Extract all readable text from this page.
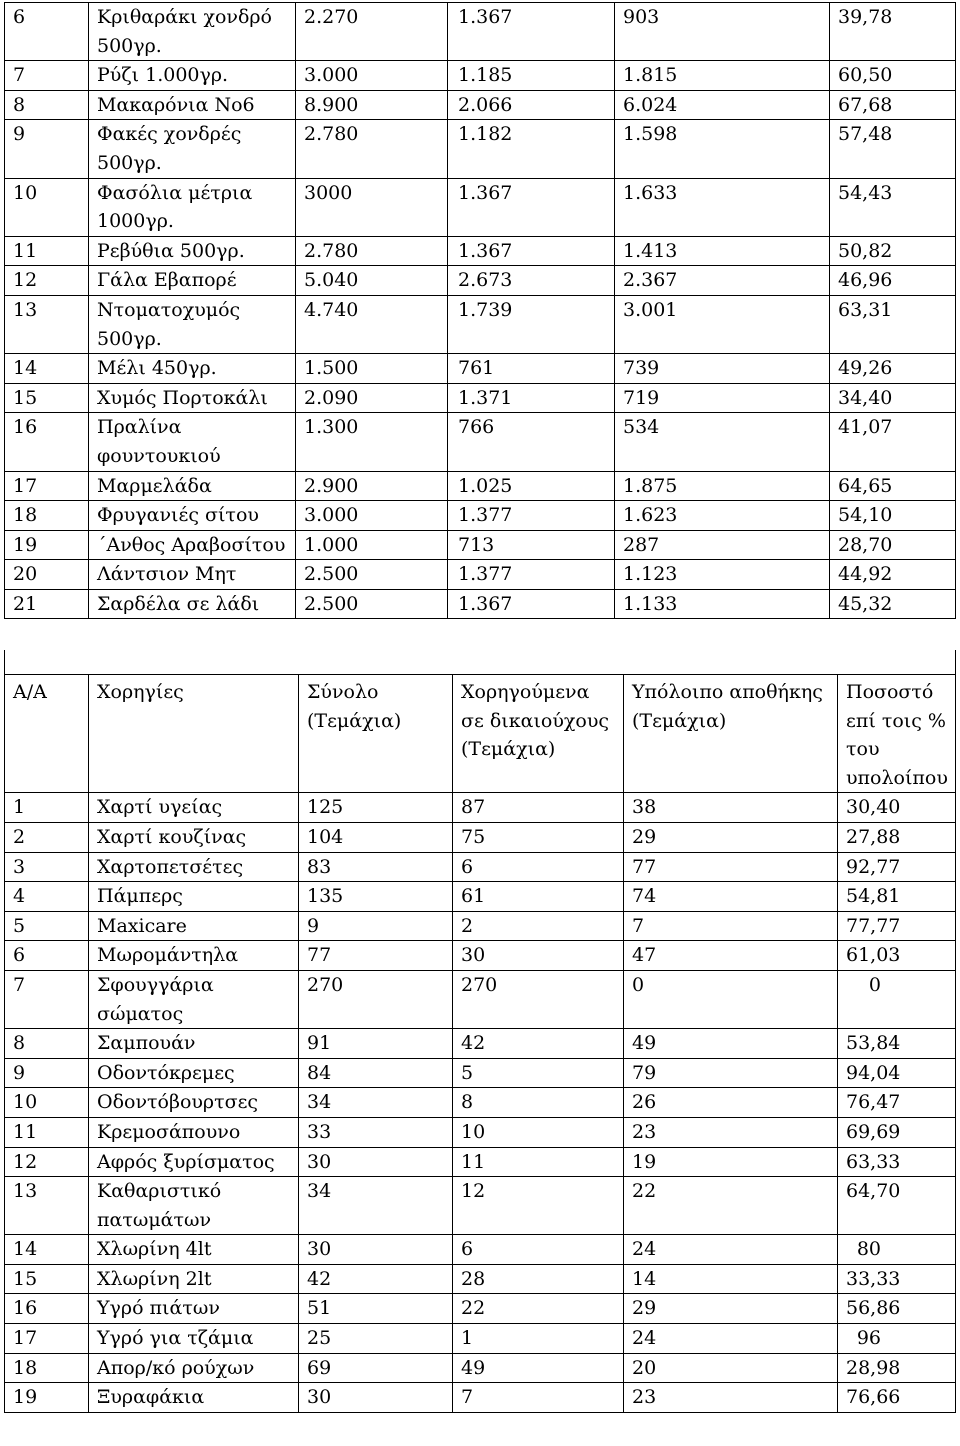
6	Κριθαράκι χονδρό 500γρ.	2.270	1.367	903	39,78
7	Ρύζι 1.000γρ.	3.000	1.185	1.815	60,50
8	Μακαρόνια Νο6	8.900	2.066	6.024	67,68
9	Φακές χονδρές 500γρ.	2.780	1.182	1.598	57,48
10	Φασόλια μέτρια 1000γρ.	3000	1.367	1.633	54,43
11	Ρεβύθια 500γρ.	2.780	1.367	1.413	50,82
12	Γάλα Εβαπορέ	5.040	2.673	2.367	46,96
13	Ντοματοχυμός 500γρ.	4.740	1.739	3.001	63,31
14	Μέλι 450γρ.	1.500	761	739	49,26
15	Χυμός Πορτοκάλι	2.090	1.371	719	34,40
16	Πραλίνα φουντουκιού	1.300	766	534	41,07
17	Μαρμελάδα	2.900	1.025	1.875	64,65
18	Φρυγανιές σίτου	3.000	1.377	1.623	54,10
19	΄Ανθος Αραβοσίτου	1.000	713	287	28,70
20	Λάντσιον Μητ	2.500	1.377	1.123	44,92
21	Σαρδέλα σε λάδι	2.500	1.367	1.133	45,32
Α/Α	Χορηγίες	Σύνολο (Τεμάχια)	Χορηγούμενα σε δικαιούχους (Τεμάχια)	Υπόλοιπο αποθήκης (Τεμάχια)	Ποσοστό επί τοις % του υπολοίπου
1	Χαρτί υγείας	125	87	38	30,40
2	Χαρτί κουζίνας	104	75	29	27,88
3	Χαρτοπετσέτες	83	6	77	92,77
4	Πάμπερς	135	61	74	54,81
5	Maxicare	9	2	7	77,77
6	Μωρομάντηλα	77	30	47	61,03
7	Σφουγγάρια σώματος	270	270	0	0
8	Σαμπουάν	91	42	49	53,84
9	Οδοντόκρεμες	84	5	79	94,04
10	Οδοντόβουρτσες	34	8	26	76,47
11	Κρεμοσάπουνο	33	10	23	69,69
12	Αφρός ξυρίσματος	30	11	19	63,33
13	Καθαριστικό πατωμάτων	34	12	22	64,70
14	Χλωρίνη 4lt	30	6	24	80
15	Χλωρίνη 2lt	42	28	14	33,33
16	Υγρό πιάτων	51	22	29	56,86
17	Υγρό για τζάμια	25	1	24	96
18	Απορ/κό ρούχων	69	49	20	28,98
19	Ξυραφάκια	30	7	23	76,66
